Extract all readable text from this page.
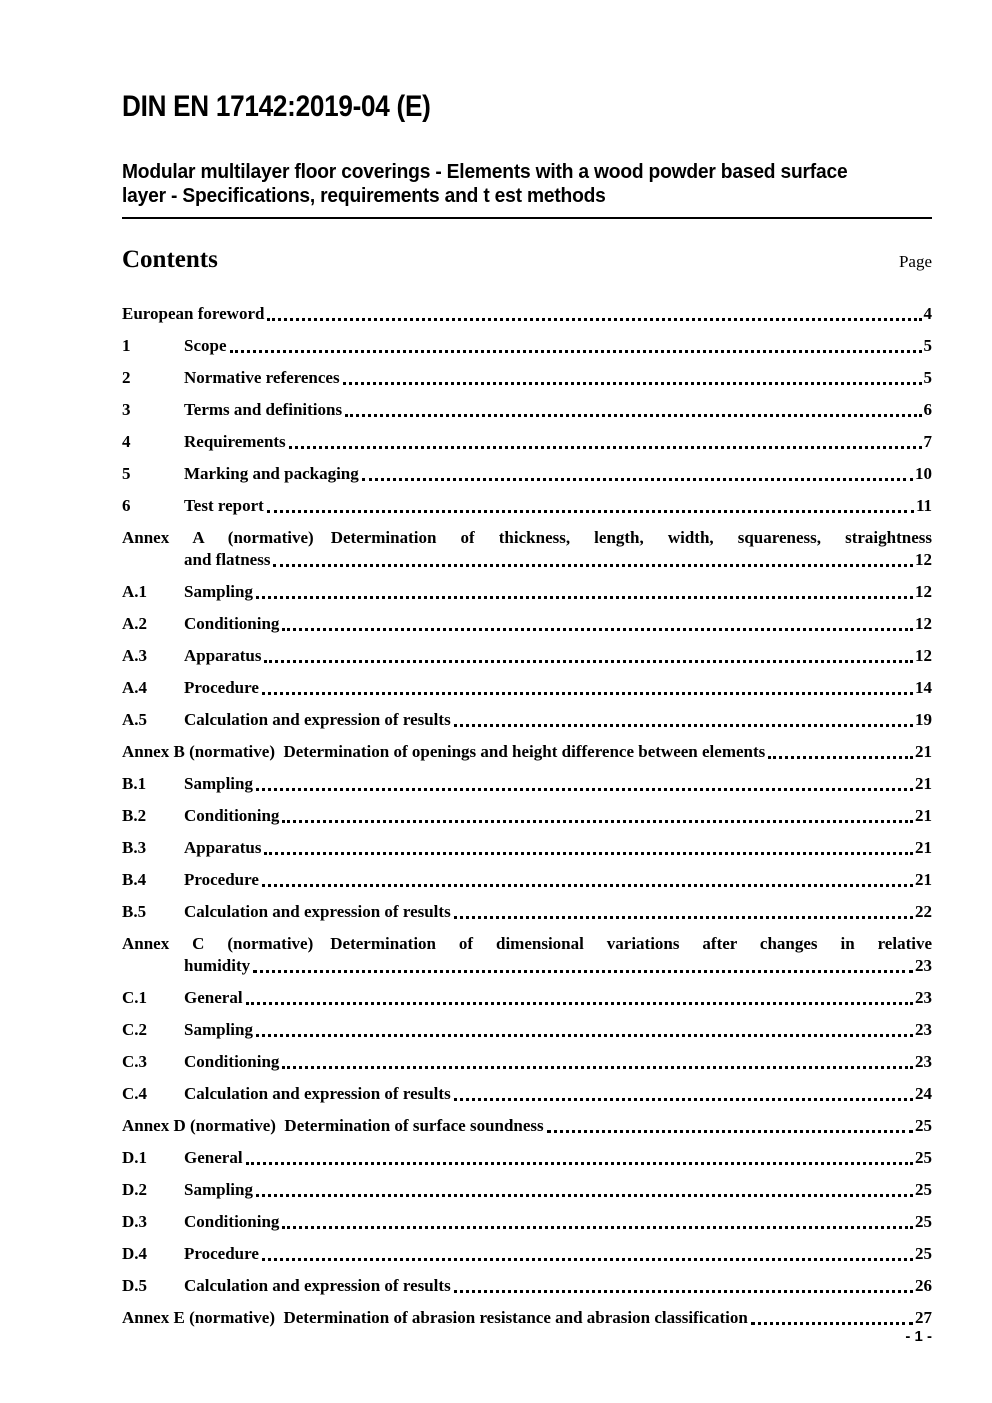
DIN EN 17142:2019-04 (E)
Modular multilayer floor coverings - Elements with a wood powder based surface
layer - Specifications, requirements and t est methods
Contents	Page
European foreword	4
1	Scope	5
2	Normative references	5
3	Terms and definitions	6
4	Requirements	7
5	Marking and packaging	10
6	Test report	11
Annex A (normative)  Determination of thickness, length, width, squareness, straightness
and flatness	12
A.1	Sampling	12
A.2	Conditioning	12
A.3	Apparatus	12
A.4	Procedure	14
A.5	Calculation and expression of results	19
Annex B (normative) Determination of openings and height difference between elements	21
B.1	Sampling	21
B.2	Conditioning	21
B.3	Apparatus	21
B.4	Procedure	21
B.5	Calculation and expression of results	22
Annex C (normative)  Determination of dimensional variations after changes in relative
humidity	23
C.1	General	23
C.2	Sampling	23
C.3	Conditioning	23
C.4	Calculation and expression of results	24
Annex D (normative) Determination of surface soundness	25
D.1	General	25
D.2	Sampling	25
D.3	Conditioning	25
D.4	Procedure	25
D.5	Calculation and expression of results	26
Annex E (normative) Determination of abrasion resistance and abrasion classification	27
- 1 -
